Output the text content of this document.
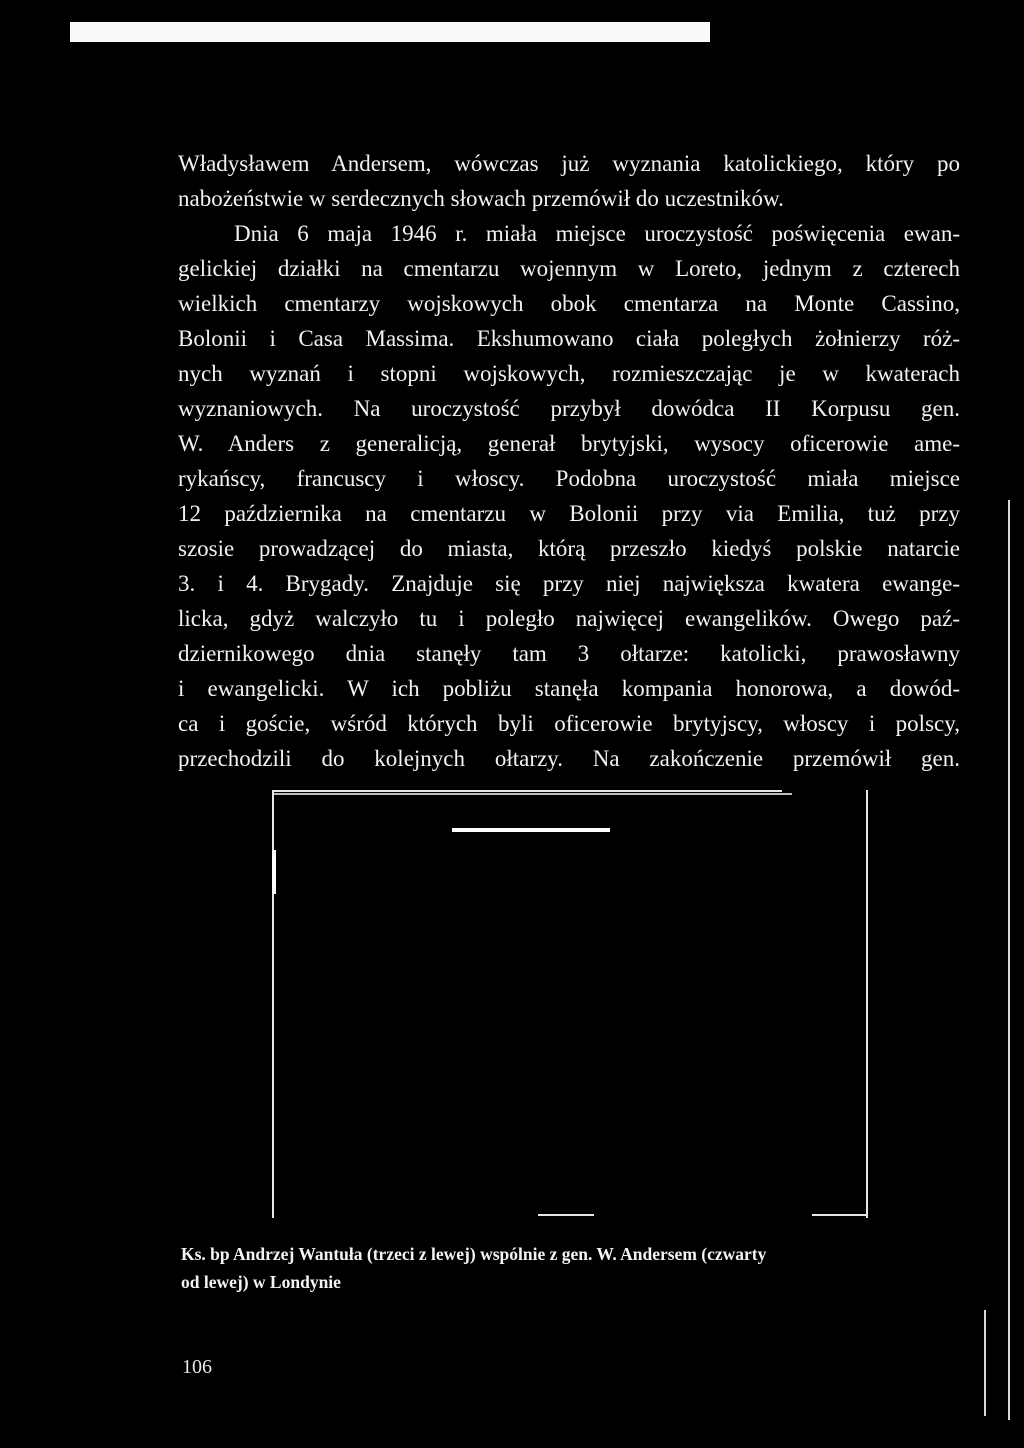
Władysławem Andersem, wówczas już wyznania katolickiego, który po
nabożeństwie w serdecznych słowach przemówił do uczestników.
Dnia 6 maja 1946 r. miała miejsce uroczystość poświęcenia ewan-
gelickiej działki na cmentarzu wojennym w Loreto, jednym z czterech
wielkich cmentarzy wojskowych obok cmentarza na Monte Cassino,
Bolonii i Casa Massima. Ekshumowano ciała poległych żołnierzy róż-
nych wyznań i stopni wojskowych, rozmieszczając je w kwaterach
wyznaniowych. Na uroczystość przybył dowódca II Korpusu gen.
W. Anders z generalicją, generał brytyjski, wysocy oficerowie ame-
rykańscy, francuscy i włoscy. Podobna uroczystość miała miejsce
12 października na cmentarzu w Bolonii przy via Emilia, tuż przy
szosie prowadzącej do miasta, którą przeszło kiedyś polskie natarcie
3. i 4. Brygady. Znajduje się przy niej największa kwatera ewange-
licka, gdyż walczyło tu i poległo najwięcej ewangelików. Owego paź-
dziernikowego dnia stanęły tam 3 ołtarze: katolicki, prawosławny
i ewangelicki. W ich pobliżu stanęła kompania honorowa, a dowód-
ca i goście, wśród których byli oficerowie brytyjscy, włoscy i polscy,
przechodzili do kolejnych ołtarzy. Na zakończenie przemówił gen.
Ks. bp Andrzej Wantuła (trzeci z lewej) wspólnie z gen. W. Andersem (czwarty
od lewej) w Londynie
106
